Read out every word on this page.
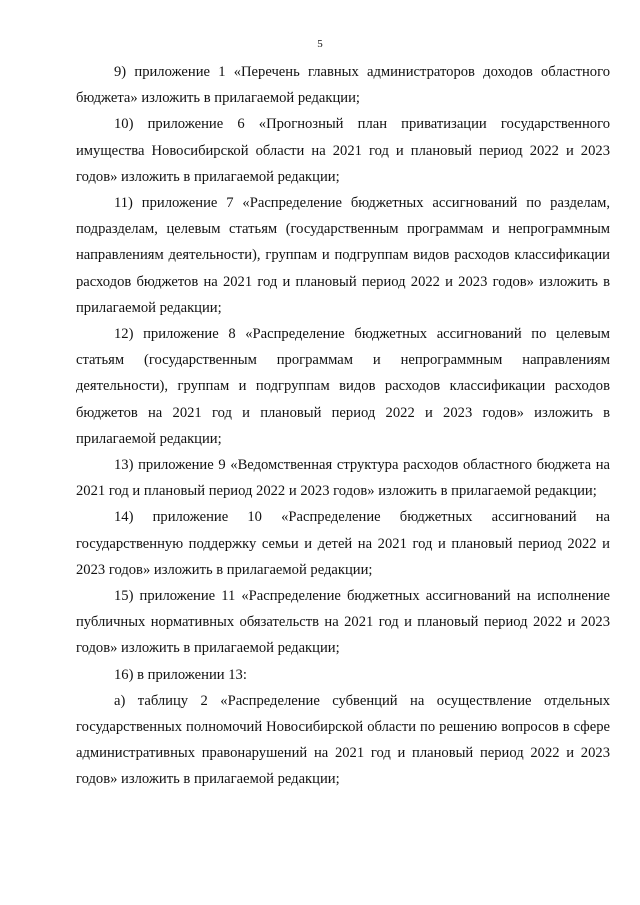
5

9) приложение 1 «Перечень главных администраторов доходов областного бюджета» изложить в прилагаемой редакции;

10) приложение 6 «Прогнозный план приватизации государственного имущества Новосибирской области на 2021 год и плановый период 2022 и 2023 годов» изложить в прилагаемой редакции;

11) приложение 7 «Распределение бюджетных ассигнований по разделам, подразделам, целевым статьям (государственным программам и непрограммным направлениям деятельности), группам и подгруппам видов расходов классификации расходов бюджетов на 2021 год и плановый период 2022 и 2023 годов» изложить в прилагаемой редакции;

12) приложение 8 «Распределение бюджетных ассигнований по целевым статьям (государственным программам и непрограммным направлениям деятельности), группам и подгруппам видов расходов классификации расходов бюджетов на 2021 год и плановый период 2022 и 2023 годов» изложить в прилагаемой редакции;

13) приложение 9 «Ведомственная структура расходов областного бюджета на 2021 год и плановый период 2022 и 2023 годов» изложить в прилагаемой редакции;

14) приложение 10 «Распределение бюджетных ассигнований на государственную поддержку семьи и детей на 2021 год и плановый период 2022 и 2023 годов» изложить в прилагаемой редакции;

15) приложение 11 «Распределение бюджетных ассигнований на исполнение публичных нормативных обязательств на 2021 год и плановый период 2022 и 2023 годов» изложить в прилагаемой редакции;

16) в приложении 13:

а) таблицу 2 «Распределение субвенций на осуществление отдельных государственных полномочий Новосибирской области по решению вопросов в сфере административных правонарушений на 2021 год и плановый период 2022 и 2023 годов» изложить в прилагаемой редакции;
